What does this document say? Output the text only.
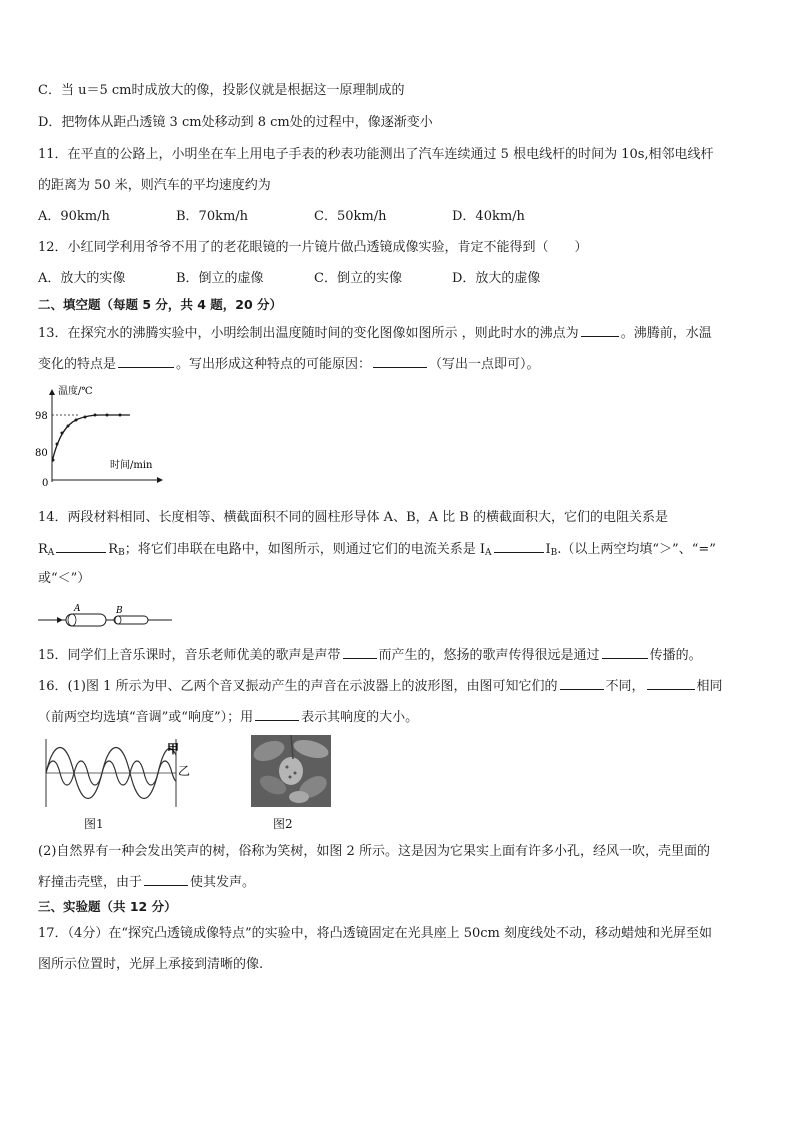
C．当 u＝5 cm时成放大的像，投影仪就是根据这一原理制成的
D．把物体从距凸透镜 3 cm处移动到 8 cm处的过程中，像逐渐变小
11．在平直的公路上，小明坐在车上用电子手表的秒表功能测出了汽车连续通过 5 根电线杆的时间为 10s,相邻电线杆
的距离为 50 米，则汽车的平均速度约为
A．90km/h	B．70km/h	C．50km/h	D．40km/h
12．小红同学利用爷爷不用了的老花眼镜的一片镜片做凸透镜成像实验，肯定不能得到（　　）
A．放大的实像	B．倒立的虚像	C．倒立的实像	D．放大的虚像
二、填空题（每题 5 分，共 4 题，20 分）
13．在探究水的沸腾实验中，小明绘制出温度随时间的变化图像如图所示 ，则此时水的沸点为	。沸腾前，水温
变化的特点是	。写出形成这种特点的可能原因：	（写出一点即可）。
温度/℃
时间/min
98
80
0
14．两段材料相同、长度相等、横截面积不同的圆柱形导体 A、B，A 比 B 的横截面积大，它们的电阻关系是
$R_A$	$R_B$；将它们串联在电路中，如图所示，则通过它们的电流关系是 $I_A$	$I_B$.（以上两空均填“＞”、“=”
或“＜”）
A	B
15．同学们上音乐课时，音乐老师优美的歌声是声带	而产生的，悠扬的歌声传得很远是通过	传播的。
16．(1)图 1 所示为甲、乙两个音叉振动产生的声音在示波器上的波形图，由图可知它们的	不同，	相同
（前两空均选填“音调”或“响度”）；用	表示其响度的大小。
甲
乙
图1	图2
(2)自然界有一种会发出笑声的树，俗称为笑树，如图 2 所示。这是因为它果实上面有许多小孔，经风一吹，壳里面的
籽撞击壳壁，由于	使其发声。
三、实验题（共 12 分）
17．（4分）在“探究凸透镜成像特点”的实验中，将凸透镜固定在光具座上 50cm 刻度线处不动，移动蜡烛和光屏至如
图所示位置时，光屏上承接到清晰的像.
